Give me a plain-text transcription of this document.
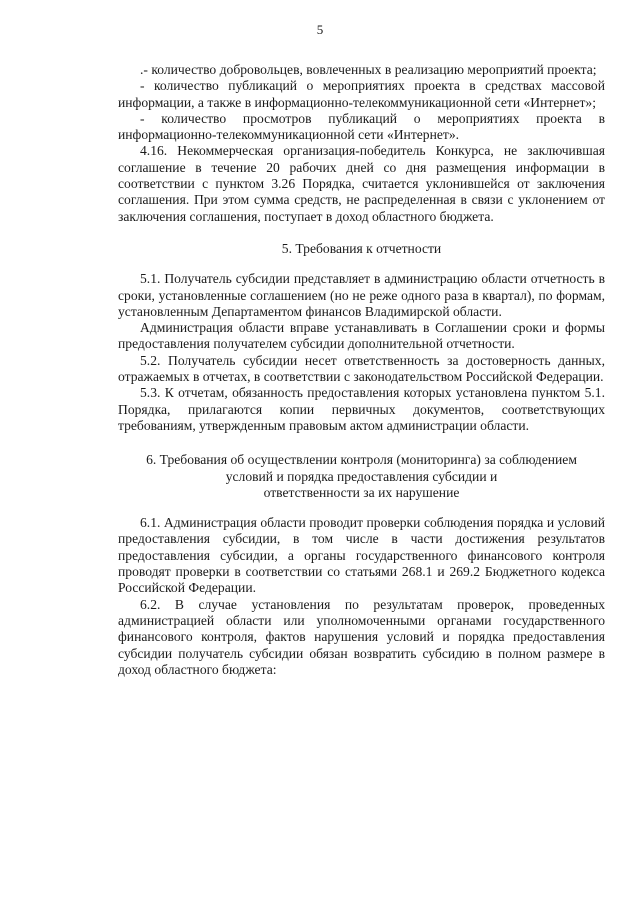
5

.- количество добровольцев, вовлеченных в реализацию мероприятий проекта;

- количество публикаций о мероприятиях проекта в средствах массовой информации, а также в информационно-телекоммуникационной сети «Интернет»;

- количество просмотров публикаций о мероприятиях проекта в информационно-телекоммуникационной сети «Интернет».

4.16. Некоммерческая организация-победитель Конкурса, не заключившая соглашение в течение 20 рабочих дней со дня размещения информации в соответствии с пунктом 3.26 Порядка, считается уклонившейся от заключения соглашения. При этом сумма средств, не распределенная в связи с уклонением от заключения соглашения, поступает в доход областного бюджета.

5. Требования к отчетности

5.1. Получатель субсидии представляет в администрацию области отчетность в сроки, установленные соглашением (но не реже одного раза в квартал), по формам, установленным Департаментом финансов Владимирской области.

Администрация области вправе устанавливать в Соглашении сроки и формы предоставления получателем субсидии дополнительной отчетности.

5.2. Получатель субсидии несет ответственность за достоверность данных, отражаемых в отчетах, в соответствии с законодательством Российской Федерации.

5.3. К отчетам, обязанность предоставления которых установлена пунктом 5.1. Порядка, прилагаются копии первичных документов, соответствующих требованиям, утвержденным правовым актом администрации области.

6. Требования об осуществлении контроля (мониторинга) за соблюдением
условий и порядка предоставления субсидии и
ответственности за их нарушение

6.1. Администрация области проводит проверки соблюдения порядка и условий предоставления субсидии, в том числе в части достижения результатов предоставления субсидии, а органы государственного финансового контроля проводят проверки в соответствии со статьями 268.1 и 269.2 Бюджетного кодекса Российской Федерации.

6.2. В случае установления по результатам проверок, проведенных администрацией области или уполномоченными органами государственного финансового контроля, фактов нарушения условий и порядка предоставления субсидии получатель субсидии обязан возвратить субсидию в полном размере в доход областного бюджета:
